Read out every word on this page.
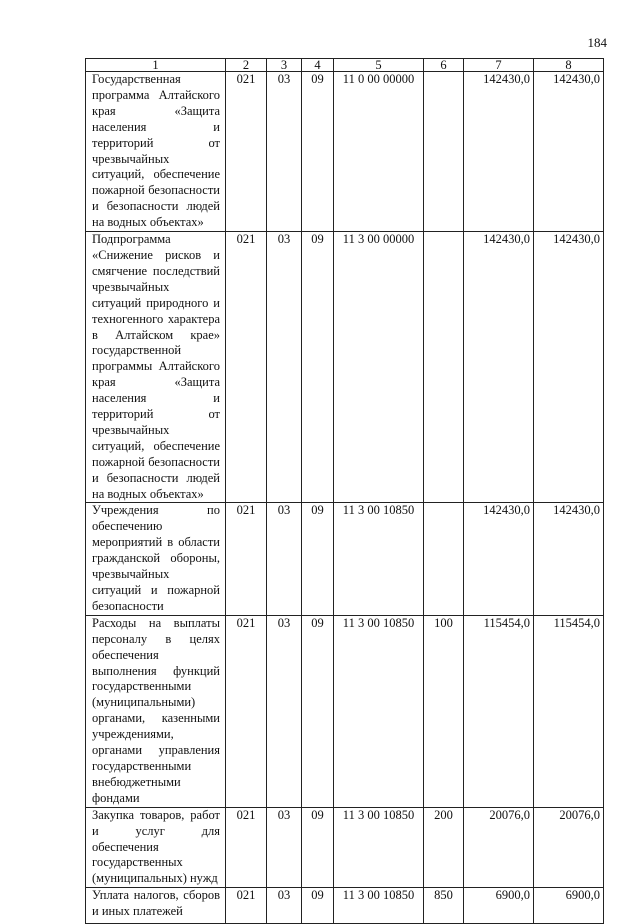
184
1	2	3	4	5	6	7	8
Государственная программа Алтайского края «Защита населения и территорий от чрезвычайных ситуаций, обеспечение пожарной безопасности и безопасности людей на водных объектах»	021	03	09	11 0 00 00000		142430,0	142430,0
Подпрограмма «Снижение рисков и смягчение последствий чрезвычайных ситуаций природного и техногенного характера в Алтайском крае» государственной программы Алтайского края «Защита населения и территорий от чрезвычайных ситуаций, обеспечение пожарной безопасности и безопасности людей на водных объектах»	021	03	09	11 3 00 00000		142430,0	142430,0
Учреждения по обеспечению мероприятий в области гражданской обороны, чрезвычайных ситуаций и пожарной безопасности	021	03	09	11 3 00 10850		142430,0	142430,0
Расходы на выплаты персоналу в целях обеспечения выполнения функций государственными (муниципальными) органами, казенными учреждениями, органами управления государственными внебюджетными фондами	021	03	09	11 3 00 10850	100	115454,0	115454,0
Закупка товаров, работ и услуг для обеспечения государственных (муниципальных) нужд	021	03	09	11 3 00 10850	200	20076,0	20076,0
Уплата налогов, сборов и иных платежей	021	03	09	11 3 00 10850	850	6900,0	6900,0
